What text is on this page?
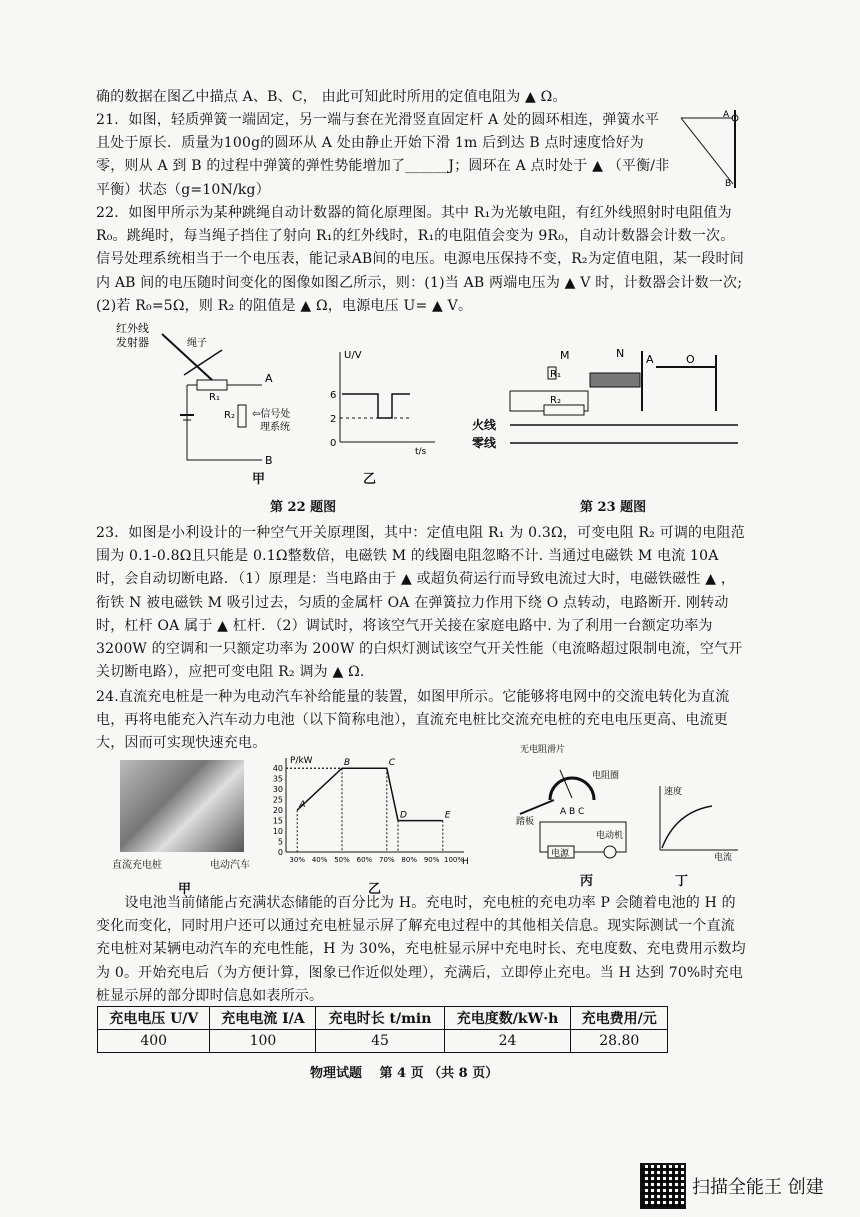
确的数据在图乙中描点 A、B、C， 由此可知此时所用的定值电阻为 ▲ Ω。
21．如图，轻质弹簧一端固定，另一端与套在光滑竖直固定杆 A 处的圆环相连，弹簧水平且处于原长．质量为100g的圆环从 A 处由静止开始下滑 1m 后到达 B 点时速度恰好为零，则从 A 到 B 的过程中弹簧的弹性势能增加了______J；圆环在 A 点时处于 ▲ （平衡/非平衡）状态（g=10N/kg）
A
B
22．如图甲所示为某种跳绳自动计数器的简化原理图。其中 R₁为光敏电阻，有红外线照射时电阻值为 R₀。跳绳时，每当绳子挡住了射向 R₁的红外线时，R₁的电阻值会变为 9R₀，自动计数器会计数一次。信号处理系统相当于一个电压表，能记录AB间的电压。电源电压保持不变，R₂为定值电阻，某一段时间内 AB 间的电压随时间变化的图像如图乙所示，则：(1)当 AB 两端电压为 ▲ V 时，计数器会计数一次;(2)若 R₀=5Ω，则 R₂ 的阻值是 ▲ Ω，电源电压 U= ▲ V。
红外线
发射器	绳子
R₁
A
B
R₂ ⇦信号处
理系统
U/V
t/s
6
2
0
甲	乙
第 22 题图
M	N A	O
R₁
R₂
火线
零线
第 23 题图
23．如图是小利设计的一种空气开关原理图，其中：定值电阻 R₁ 为 0.3Ω，可变电阻 R₂ 可调的电阻范围为 0.1-0.8Ω且只能是 0.1Ω整数倍，电磁铁 M 的线圈电阻忽略不计. 当通过电磁铁 M 电流 10A 时，会自动切断电路．（1）原理是：当电路由于 ▲ 或超负荷运行而导致电流过大时，电磁铁磁性 ▲ ，衔铁 N 被电磁铁 M 吸引过去，匀质的金属杆 OA 在弹簧拉力作用下绕 O 点转动，电路断开. 刚转动时，杠杆 OA 属于 ▲ 杠杆．（2）调试时，将该空气开关接在家庭电路中. 为了利用一台额定功率为 3200W 的空调和一只额定功率为 200W 的白炽灯测试该空气开关性能（电流略超过限制电流，空气开关切断电路），应把可变电阻 R₂ 调为 ▲ Ω.
24.直流充电桩是一种为电动汽车补给能量的装置，如图甲所示。它能够将电网中的交流电转化为直流电，再将电能充入汽车动力电池（以下简称电池），直流充电桩比交流充电桩的充电电压更高、电流更大，因而可实现快速充电。
直流充电桩	电动汽车
甲
P/kW
H
0
5
10
15
20
25
30
35
40
30% 40% 50% 60% 70% 80% 90% 100%
A
B	C
D	E
乙
无电阻滑片
电阻圈
踏板
A B C
电源
电动机
丙
速度
电流
丁
　　设电池当前储能占充满状态储能的百分比为 H。充电时，充电桩的充电功率 P 会随着电池的 H 的变化而变化，同时用户还可以通过充电桩显示屏了解充电过程中的其他相关信息。现实际测试一个直流充电桩对某辆电动汽车的充电性能，H 为 30%，充电桩显示屏中充电时长、充电度数、充电费用示数均为 0。开始充电后（为方便计算，图象已作近似处理），充满后，立即停止充电。当 H 达到 70%时充电桩显示屏的部分即时信息如表所示。
充电电压 U/V	充电电流 I/A	充电时长 t/min	充电度数/kW·h	充电费用/元
400	100	45	24	28.80
物理试题　 第 4 页 （共 8 页）
扫描全能王 创建
